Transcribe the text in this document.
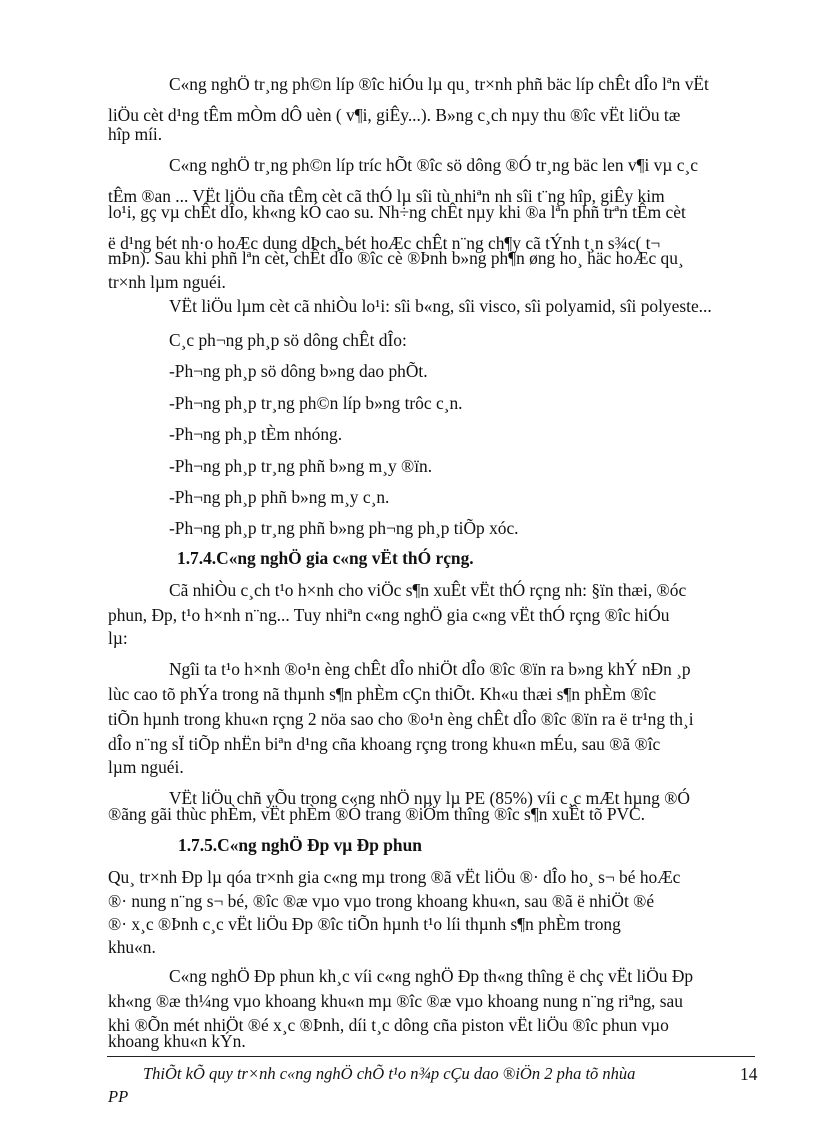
C«ng nghÖ tr¸ng ph©n líp ®îc hiÓu lµ qu¸ tr×nh phñ bäc líp chÊt dÎo lªn vËt

liÖu cèt d¹ng tÊm mÒm dÔ uèn ( v¶i, giÊy...). B»ng c¸ch nµy thu ®îc vËt liÖu tæ

hîp míi.

C«ng nghÖ tr¸ng ph©n líp tríc hÕt ®îc sö dông ®Ó tr¸ng bäc len v¶i vµ c¸c

tÊm ®an ... VËt liÖu cña tÊm cèt cã thÓ lµ sîi tù nhiªn nh sîi t¨ng hîp, giÊy kim

lo¹i, gç vµ chÊt dÎo, kh«ng kÓ cao su. Nh÷ng chÊt nµy khi ®a lªn phñ trªn tÊm cèt

ë d¹ng bét nh·o hoÆc dung dÞch, bét hoÆc chÊt n¨ng ch¶y cã tÝnh t¸n s¾c( t¬

mÞn). Sau khi phñ lªn cèt, chÊt dÎo ®îc cè ®Þnh b»ng ph¶n øng ho¸ häc hoÆc qu¸

tr×nh lµm nguéi.

VËt liÖu lµm cèt cã nhiÒu lo¹i: sîi b«ng, sîi visco, sîi polyamid, sîi polyeste...

C¸c ph¬ng ph¸p sö dông chÊt dÎo:

-Ph¬ng ph¸p sö dông b»ng dao phÕt.

-Ph¬ng ph¸p tr¸ng ph©n líp b»ng trôc c¸n.

-Ph¬ng ph¸p tÈm nhóng.

-Ph¬ng ph¸p tr¸ng phñ b»ng m¸y ®ïn.

-Ph¬ng ph¸p phñ b»ng m¸y c¸n.

-Ph¬ng ph¸p tr¸ng phñ b»ng ph¬ng ph¸p tiÕp xóc.

1.7.4.C«ng nghÖ gia c«ng vËt thÓ rçng.

Cã nhiÒu c¸ch t¹o h×nh cho viÖc s¶n xuÊt vËt thÓ rçng nh: §ïn thæi, ®óc

phun, Ðp, t¹o h×nh n¨ng... Tuy nhiªn c«ng nghÖ gia c«ng vËt thÓ rçng ®îc hiÓu

lµ:

Ngîi ta t¹o h×nh ®o¹n èng chÊt dÎo nhiÖt dÎo ®îc ®ïn ra b»ng khÝ nÐn ¸p

lùc cao tõ phÝa trong nã thµnh s¶n phÈm cÇn thiÕt. Kh«u thæi s¶n phÈm ®îc

tiÕn hµnh trong khu«n rçng 2 nöa sao cho ®o¹n èng chÊt dÎo ®îc ®ïn ra ë tr¹ng th¸i

dÎo n¨ng sÏ tiÕp nhËn biªn d¹ng cña khoang rçng trong khu«n mÉu, sau ®ã ®îc

lµm nguéi.

VËt liÖu chñ yÕu trong c«ng nhÖ nµy lµ PE (85%) víi c¸c mÆt hµng ®Ó

®ãng gãi thùc phÈm, vËt phÈm ®Ó trang ®iÓm thîng ®îc s¶n xuÊt tõ PVC.

1.7.5.C«ng nghÖ Ðp vµ Ðp phun

Qu¸ tr×nh Ðp lµ qóa tr×nh gia c«ng mµ trong ®ã vËt liÖu ®· dÎo ho¸ s¬ bé hoÆc

®· nung n¨ng s¬ bé, ®îc ®æ vµo vµo trong khoang khu«n, sau ®ã ë nhiÖt ®é

®· x¸c ®Þnh c¸c vËt liÖu Ðp ®îc tiÕn hµnh t¹o líi thµnh s¶n phÈm trong

khu«n.

C«ng nghÖ Ðp phun kh¸c víi c«ng nghÖ Ðp th«ng thîng ë chç vËt liÖu Ðp

kh«ng ®æ th¼ng vµo khoang khu«n mµ ®îc ®æ vµo khoang nung n¨ng riªng, sau

khi ®Õn mét nhiÖt ®é x¸c ®Þnh, díi t¸c dông cña piston vËt liÖu ®îc phun vµo

khoang khu«n kÝn.

ThiÕt kÕ quy tr×nh c«ng nghÖ chÕ t¹o n¾p cÇu dao ®iÖn 2 pha tõ nhùa

PP

14
